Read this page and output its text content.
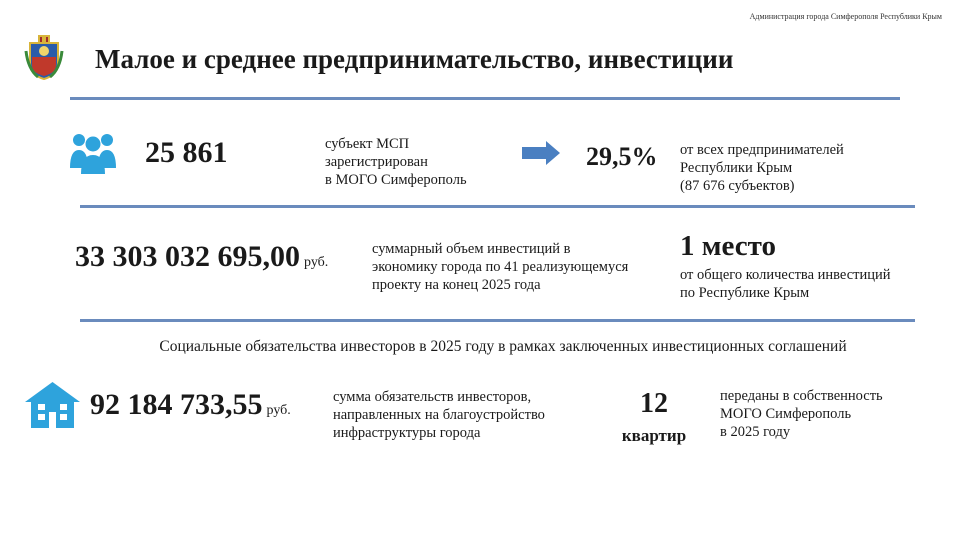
Администрация города Симферополя Республики Крым
Малое и среднее предпринимательство, инвестиции
25 861	субъект МСП
зарегистрирован
в МОГО Симферополь
29,5% от всех предпринимателей
Республики Крым
(87 676 субъектов)
33 303 032 695,00 руб.
суммарный объем инвестиций в
экономику города по 41 реализующемуся
проекту на конец 2025 года
1 место
от общего количества инвестиций
по Республике Крым
Социальные обязательства инвесторов в 2025 году в рамках заключенных инвестиционных соглашений
92 184 733,55 руб.
сумма обязательств инвесторов,
направленных на благоустройство
инфраструктуры города
12
квартир
переданы в собственность
МОГО Симферополь
в 2025 году
